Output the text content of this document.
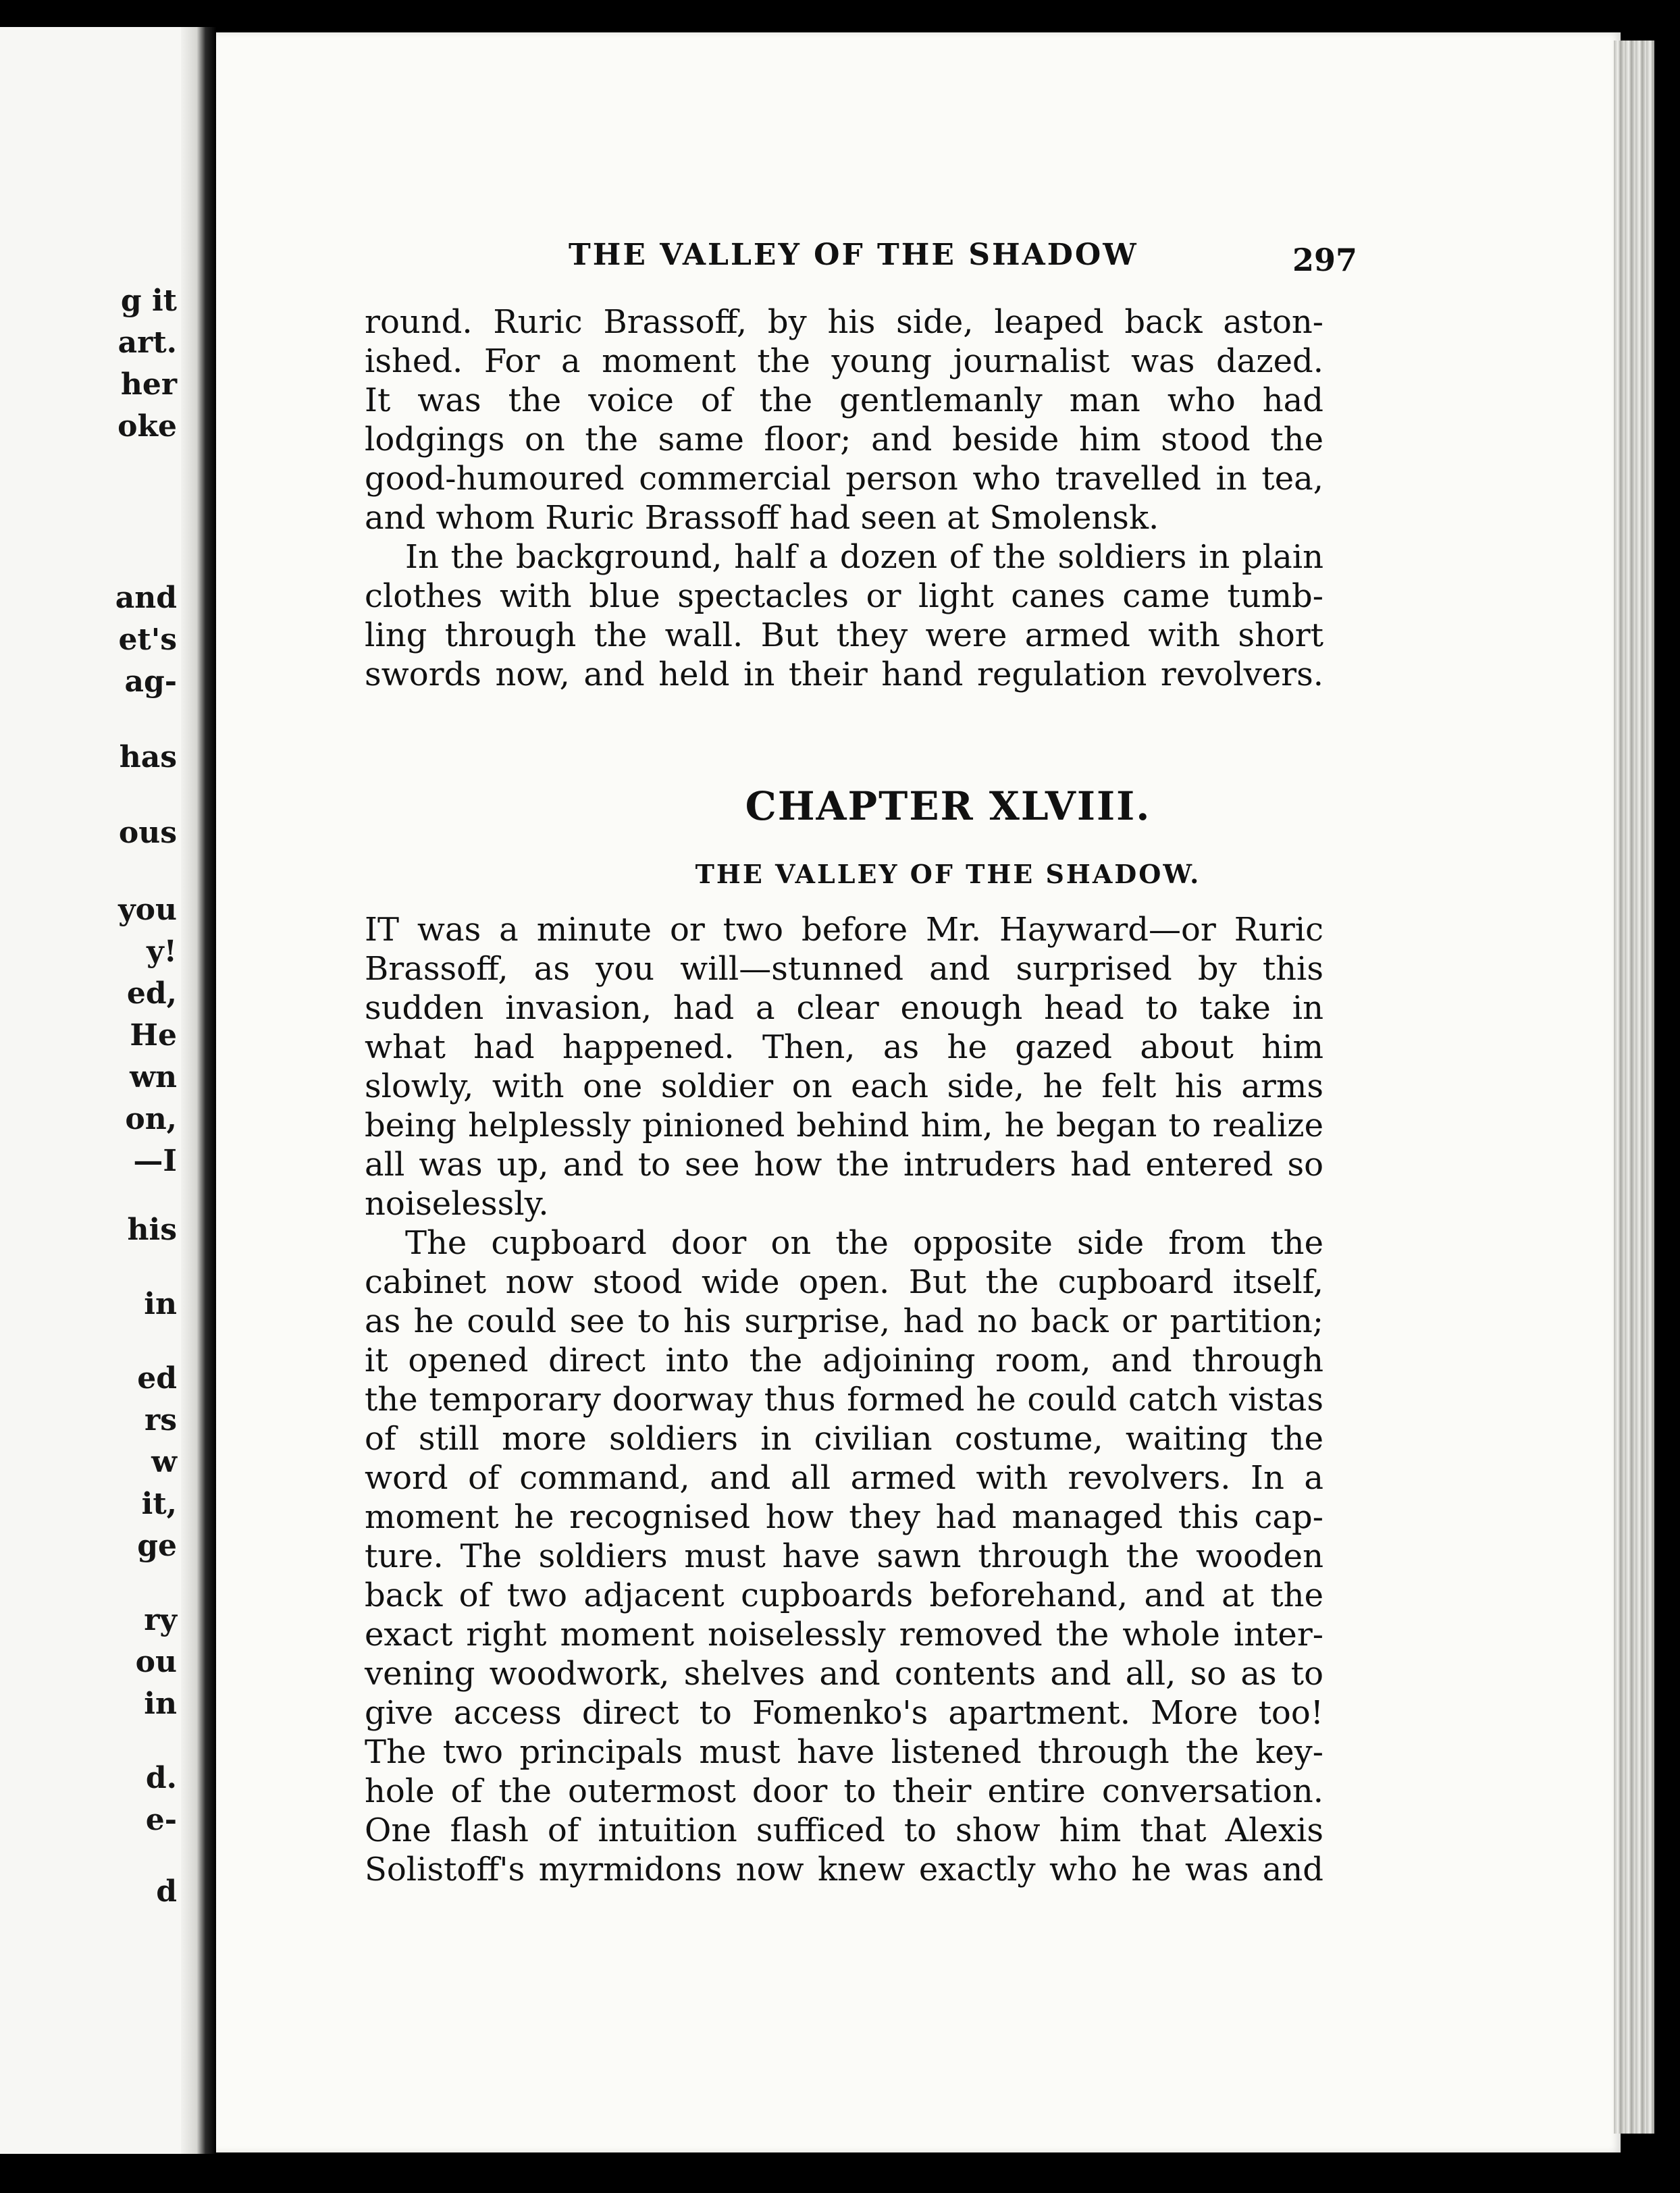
g it
art.
her
oke
and
et's
ag-
has
ous
you
y!
ed,
He
wn
on,
—I
his
in
ed
rs
w
it,
ge
ry
ou
in
d.
e-
d
THE VALLEY OF THE SHADOW	297
round. Ruric Brassoff, by his side, leaped back aston-
ished. For a moment the young journalist was dazed.
It was the voice of the gentlemanly man who had
lodgings on the same floor; and beside him stood the
good-humoured commercial person who travelled in tea,
and whom Ruric Brassoff had seen at Smolensk.
In the background, half a dozen of the soldiers in plain
clothes with blue spectacles or light canes came tumb-
ling through the wall. But they were armed with short
swords now, and held in their hand regulation revolvers.
CHAPTER XLVIII.
THE VALLEY OF THE SHADOW.
IT was a minute or two before Mr. Hayward—or Ruric
Brassoff, as you will—stunned and surprised by this
sudden invasion, had a clear enough head to take in
what had happened. Then, as he gazed about him
slowly, with one soldier on each side, he felt his arms
being helplessly pinioned behind him, he began to realize
all was up, and to see how the intruders had entered so
noiselessly.
The cupboard door on the opposite side from the
cabinet now stood wide open. But the cupboard itself,
as he could see to his surprise, had no back or partition;
it opened direct into the adjoining room, and through
the temporary doorway thus formed he could catch vistas
of still more soldiers in civilian costume, waiting the
word of command, and all armed with revolvers. In a
moment he recognised how they had managed this cap-
ture. The soldiers must have sawn through the wooden
back of two adjacent cupboards beforehand, and at the
exact right moment noiselessly removed the whole inter-
vening woodwork, shelves and contents and all, so as to
give access direct to Fomenko's apartment. More too!
The two principals must have listened through the key-
hole of the outermost door to their entire conversation.
One flash of intuition sufficed to show him that Alexis
Solistoff's myrmidons now knew exactly who he was and
